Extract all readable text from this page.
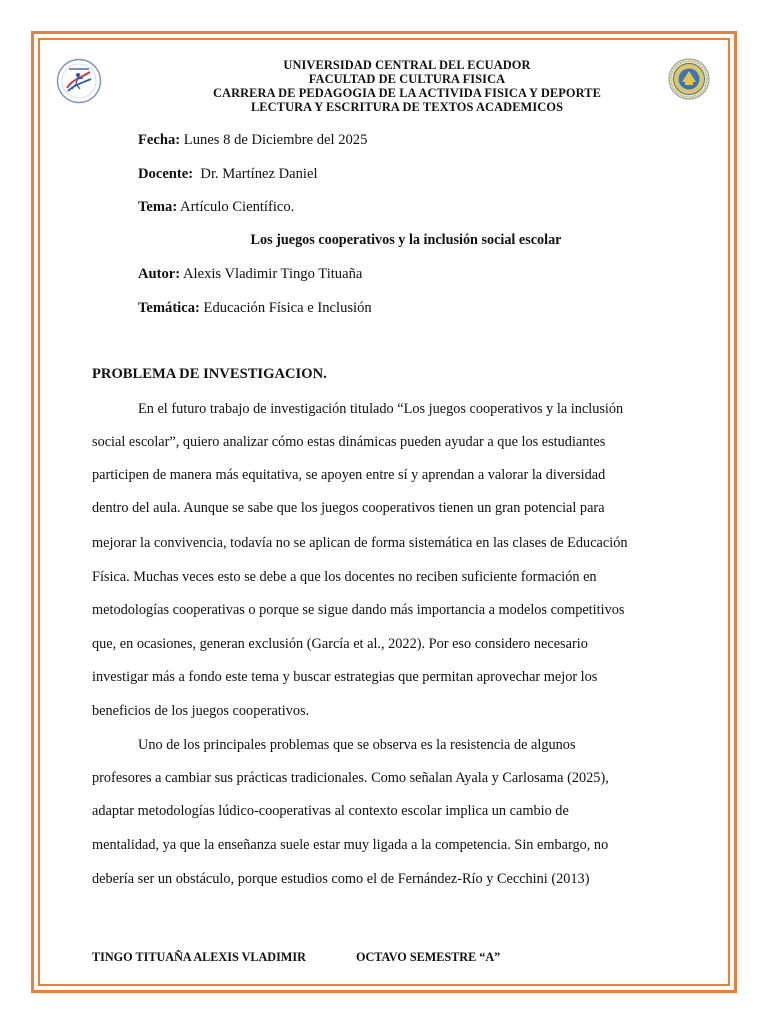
UNIVERSIDAD CENTRAL DEL ECUADOR
FACULTAD DE CULTURA FISICA
CARRERA DE PEDAGOGIA DE LA ACTIVIDA FISICA Y DEPORTE
LECTURA Y ESCRITURA DE TEXTOS ACADEMICOS
Fecha: Lunes 8 de Diciembre del 2025
Docente:  Dr. Martínez Daniel
Tema: Artículo Científico.
Los juegos cooperativos y la inclusión social escolar
Autor: Alexis Vladimir Tingo Tituaña
Temática: Educación Física e Inclusión
PROBLEMA DE INVESTIGACION.
En el futuro trabajo de investigación titulado “Los juegos cooperativos y la inclusión
social escolar”, quiero analizar cómo estas dinámicas pueden ayudar a que los estudiantes
participen de manera más equitativa, se apoyen entre sí y aprendan a valorar la diversidad
dentro del aula. Aunque se sabe que los juegos cooperativos tienen un gran potencial para
mejorar la convivencia, todavía no se aplican de forma sistemática en las clases de Educación
Física. Muchas veces esto se debe a que los docentes no reciben suficiente formación en
metodologías cooperativas o porque se sigue dando más importancia a modelos competitivos
que, en ocasiones, generan exclusión (García et al., 2022). Por eso considero necesario
investigar más a fondo este tema y buscar estrategias que permitan aprovechar mejor los
beneficios de los juegos cooperativos.
Uno de los principales problemas que se observa es la resistencia de algunos
profesores a cambiar sus prácticas tradicionales. Como señalan Ayala y Carlosama (2025),
adaptar metodologías lúdico-cooperativas al contexto escolar implica un cambio de
mentalidad, ya que la enseñanza suele estar muy ligada a la competencia. Sin embargo, no
debería ser un obstáculo, porque estudios como el de Fernández-Río y Cecchini (2013)
TINGO TITUAÑA ALEXIS VLADIMIR	OCTAVO SEMESTRE “A”
